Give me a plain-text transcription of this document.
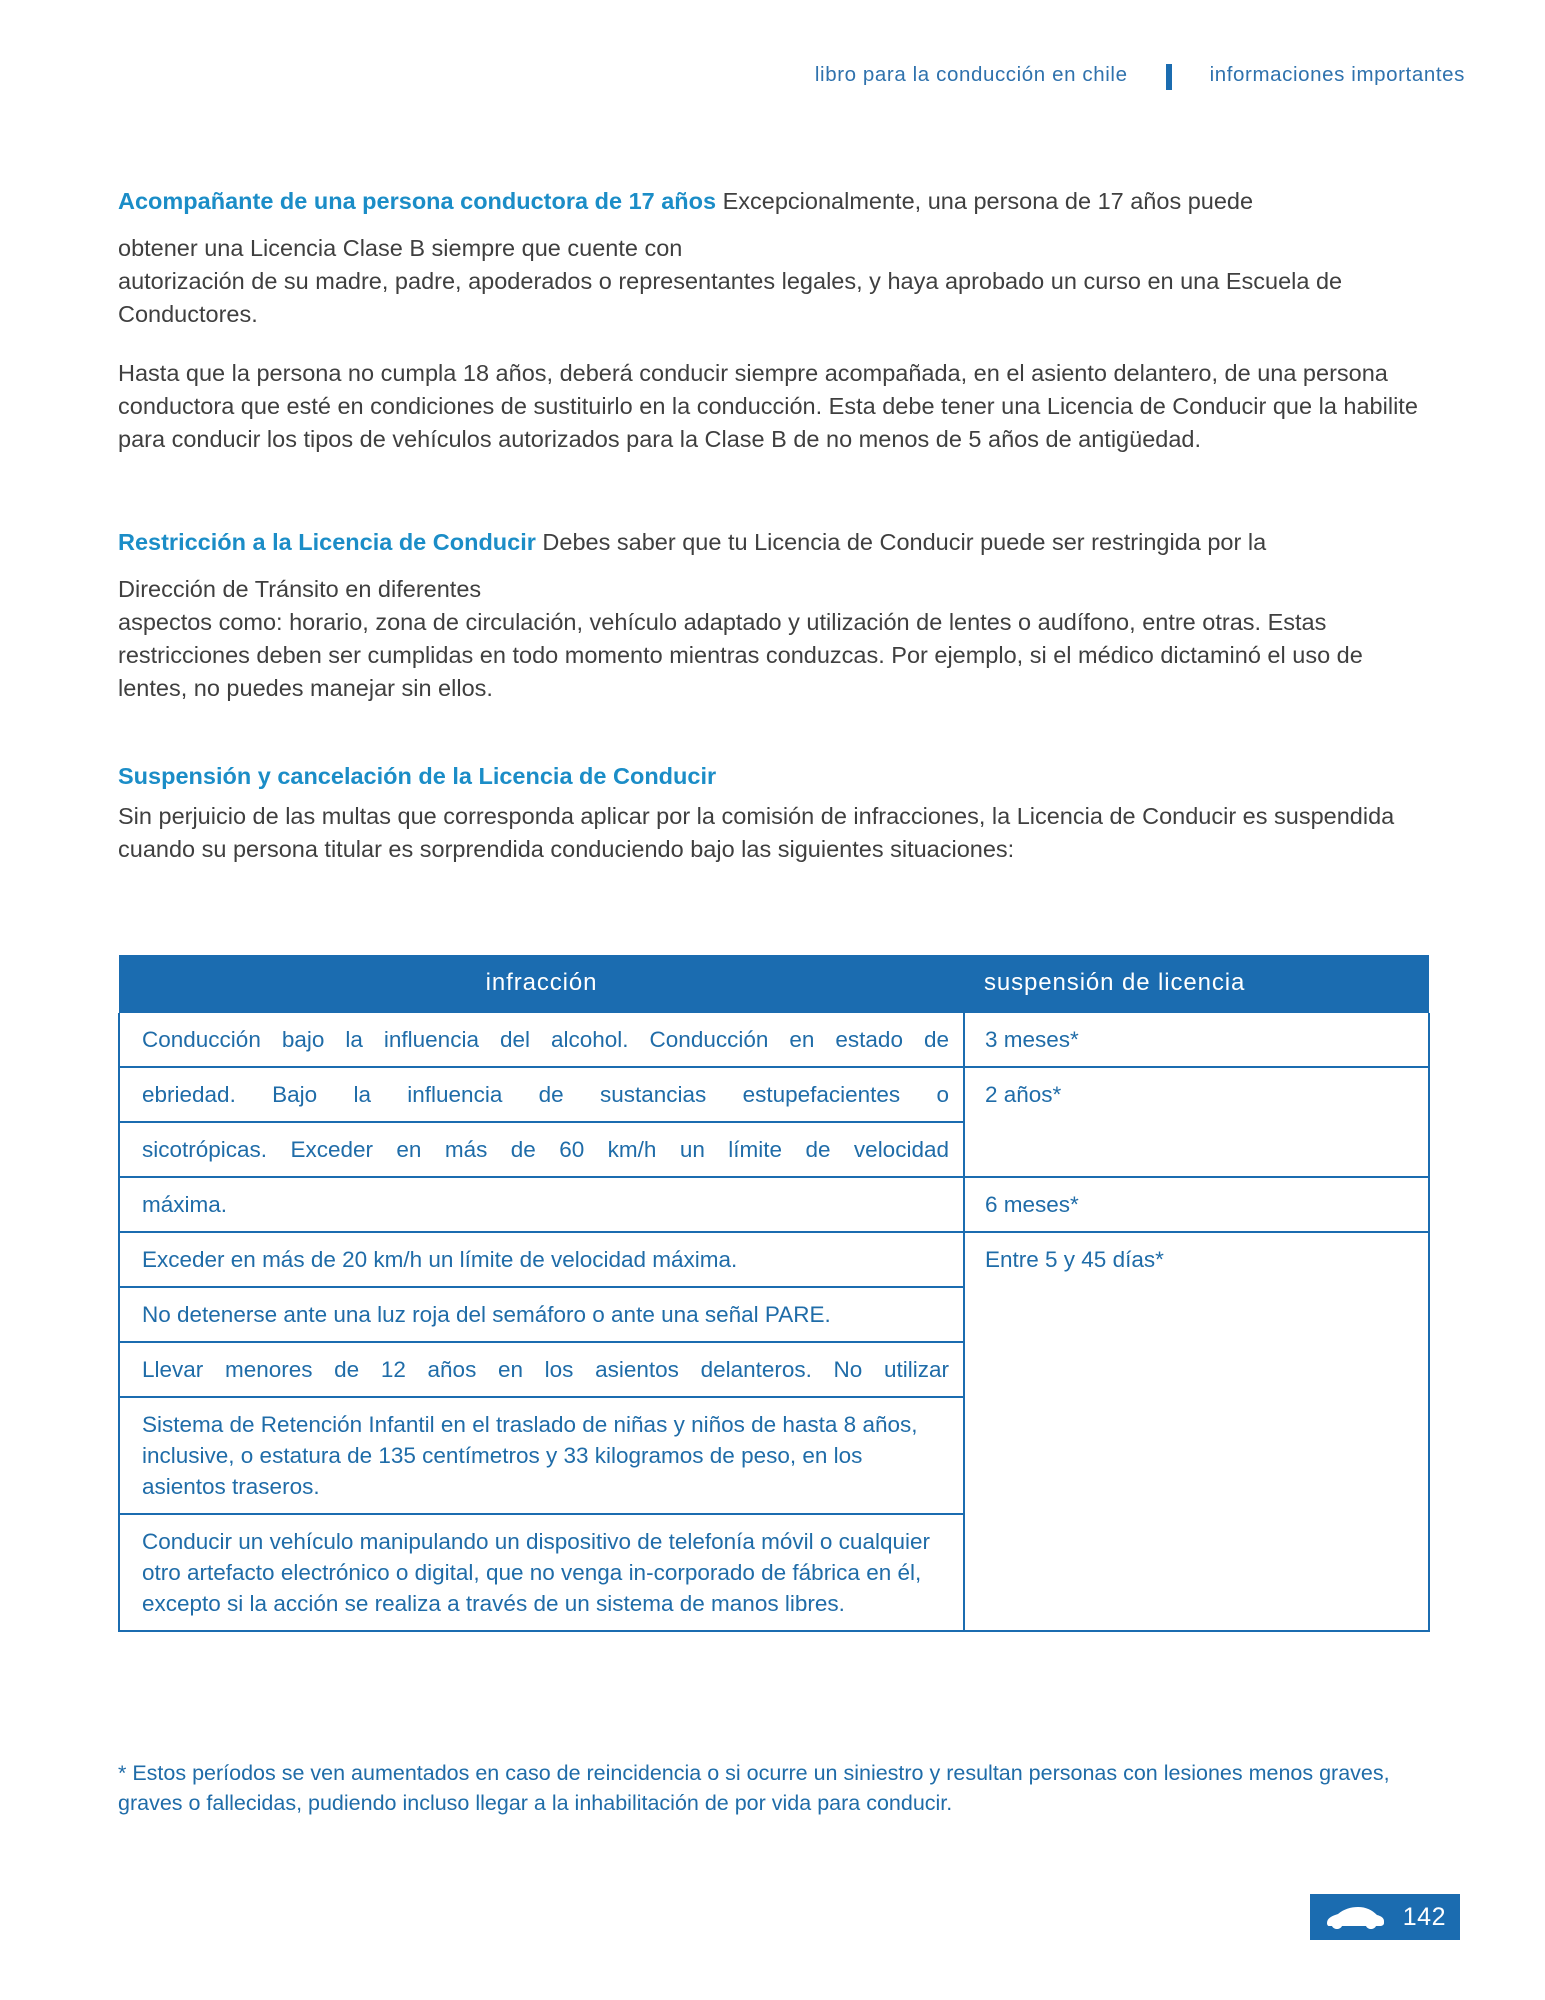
libro para la conducción en chile	informaciones importantes

Acompañante de una persona conductora de 17 años Excepcionalmente, una persona de 17 años puede

obtener una Licencia Clase B siempre que cuente con

autorización de su madre, padre, apoderados o representantes legales, y haya aprobado un curso en una Escuela de Conductores.

Hasta que la persona no cumpla 18 años, deberá conducir siempre acompañada, en el asiento delantero, de una persona conductora que esté en condiciones de sustituirlo en la conducción. Esta debe tener una Licencia de Conducir que la habilite para conducir los tipos de vehículos autorizados para la Clase B de no menos de 5 años de antigüedad.

Restricción a la Licencia de Conducir Debes saber que tu Licencia de Conducir puede ser restringida por la

Dirección de Tránsito en diferentes

aspectos como: horario, zona de circulación, vehículo adaptado y utilización de lentes o audífono, entre otras. Estas restricciones deben ser cumplidas en todo momento mientras conduzcas. Por ejemplo, si el médico dictaminó el uso de lentes, no puedes manejar sin ellos.

Suspensión y cancelación de la Licencia de Conducir

Sin perjuicio de las multas que corresponda aplicar por la comisión de infracciones, la Licencia de Conducir es suspendida cuando su persona titular es sorprendida conduciendo bajo las siguientes situaciones:

infracción	suspensión de licencia
Conducción bajo la influencia del alcohol. Conducción en estado de	3 meses*
ebriedad. Bajo la influencia de sustancias estupefacientes o	2 años*
sicotrópicas. Exceder en más de 60 km/h un límite de velocidad	
máxima.	6 meses*
Exceder en más de 20 km/h un límite de velocidad máxima.	Entre 5 y 45 días*
No detenerse ante una luz roja del semáforo o ante una señal PARE.	
Llevar menores de 12 años en los asientos delanteros. No utilizar	
Sistema de Retención Infantil en el traslado de niñas y niños de hasta 8 años, inclusive, o estatura de 135 centímetros y 33 kilogramos de peso, en los asientos traseros.	
Conducir un vehículo manipulando un dispositivo de telefonía móvil o cualquier otro artefacto electrónico o digital, que no venga in-corporado de fábrica en él, excepto si la acción se realiza a través de un sistema de manos libres.	
* Estos períodos se ven aumentados en caso de reincidencia o si ocurre un siniestro y resultan personas con lesiones menos graves, graves o fallecidas, pudiendo incluso llegar a la inhabilitación de por vida para conducir.
142
